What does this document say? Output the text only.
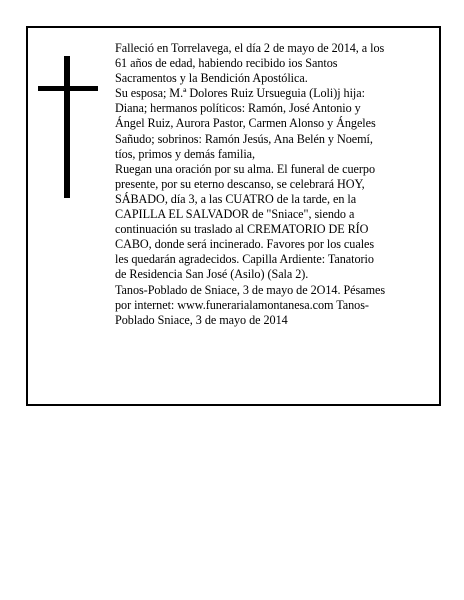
Falleció en Torrelavega, el día 2 de mayo de 2014, a los
61 años de edad, habiendo recibido ios Santos
Sacramentos y la Bendición Apostólica.
Su esposa; M.ª Dolores Ruiz Ursueguia (Loli)j hija:
Diana; hermanos políticos: Ramón, José Antonio y
Ángel Ruiz, Aurora Pastor, Carmen Alonso y Ángeles
Sañudo; sobrinos: Ramón Jesús, Ana Belén y Noemí,
tíos, primos y demás familia,
Ruegan una oración por su alma. El funeral de cuerpo
presente, por su eterno descanso, se celebrará HOY,
SÁBADO, día 3, a las CUATRO de la tarde, en la
CAPILLA EL SALVADOR de "Sniace", siendo a
continuación su traslado al CREMATORIO DE RÍO
CABO, donde será incinerado. Favores por los cuales
les quedarán agradecidos. Capilla Ardiente: Tanatorio
de Residencia San José (Asilo) (Sala 2).
Tanos-Poblado de Sniace, 3 de mayo de 2O14. Pésames
por internet: www.funerarialamontanesa.com Tanos-
Poblado Sniace, 3 de mayo de 2014
